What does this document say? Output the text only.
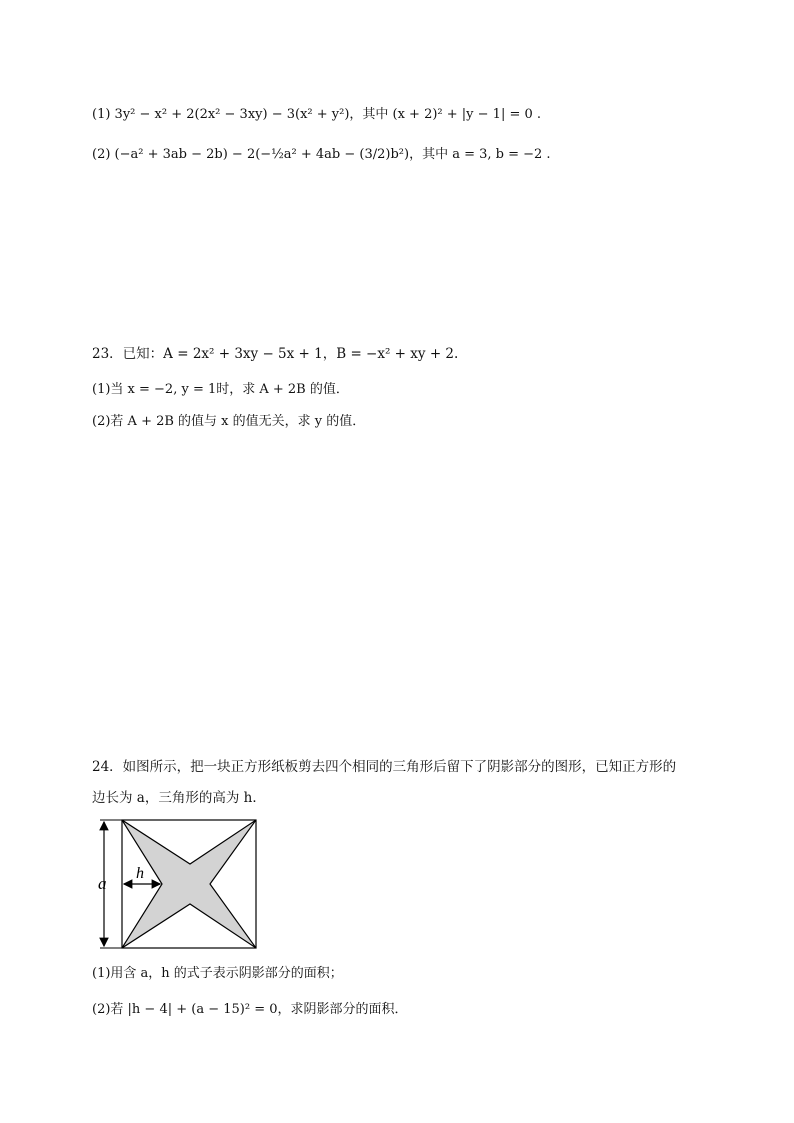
(1) 3y² − x² + 2(2x² − 3xy) − 3(x² + y²)，其中 (x + 2)² + |y − 1| = 0 .
(2) (−a² + 3ab − 2b) − 2(−½a² + 4ab − (3/2)b²)，其中 a = 3, b = −2 .
23．已知：A = 2x² + 3xy − 5x + 1，B = −x² + xy + 2.
(1)当 x = −2, y = 1时，求 A + 2B 的值．
(2)若 A + 2B 的值与 x 的值无关，求 y 的值．
24．如图所示，把一块正方形纸板剪去四个相同的三角形后留下了阴影部分的图形，已知正方形的
边长为 a，三角形的高为 h．
a
h
(1)用含 a，h 的式子表示阴影部分的面积；
(2)若 |h − 4| + (a − 15)² = 0，求阴影部分的面积．
